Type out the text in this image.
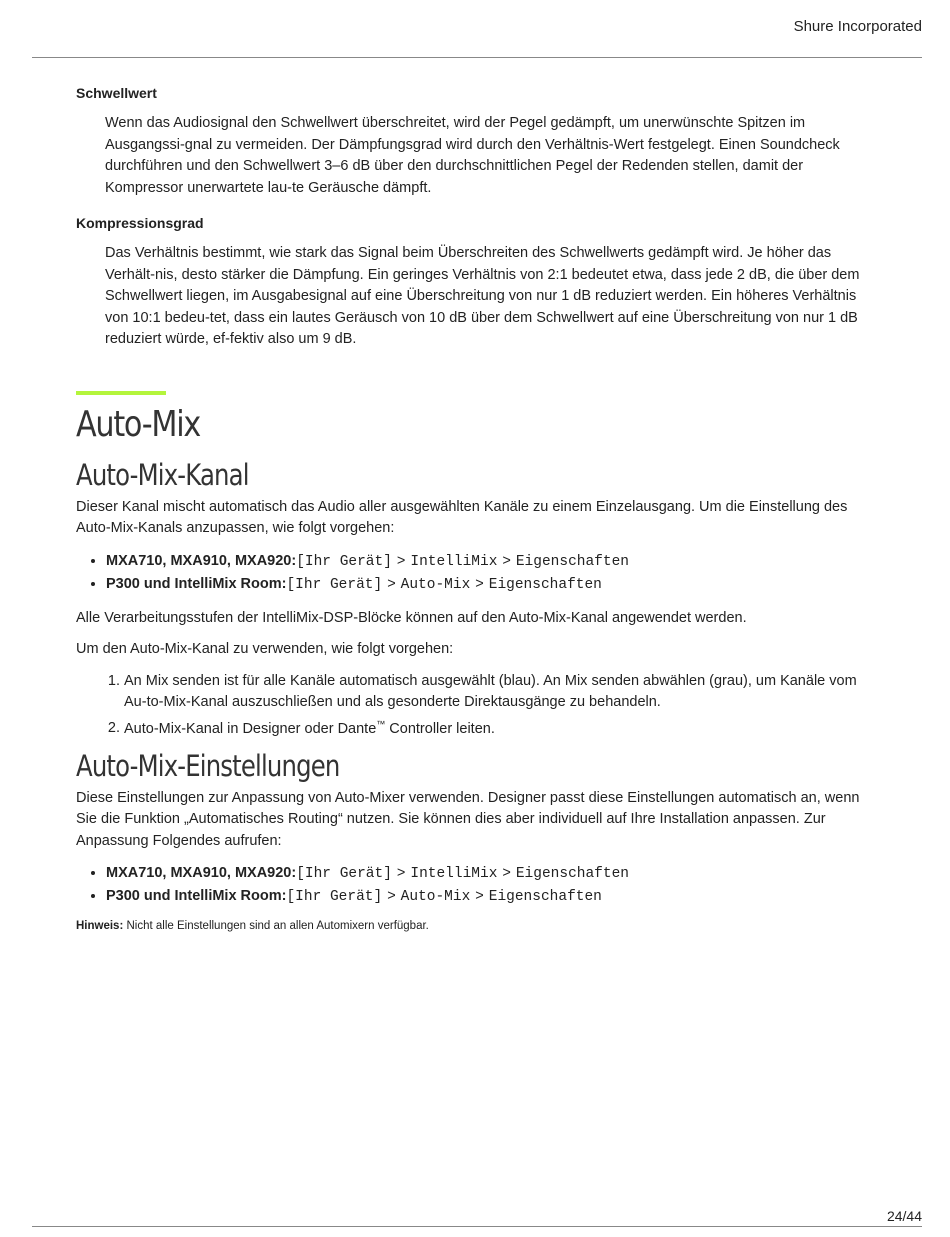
Shure Incorporated
Schwellwert
Wenn das Audiosignal den Schwellwert überschreitet, wird der Pegel gedämpft, um unerwünschte Spitzen im Ausgangssi-gnal zu vermeiden. Der Dämpfungsgrad wird durch den Verhältnis-Wert festgelegt. Einen Soundcheck durchführen und den Schwellwert 3–6 dB über den durchschnittlichen Pegel der Redenden stellen, damit der Kompressor unerwartete lau-te Geräusche dämpft.
Kompressionsgrad
Das Verhältnis bestimmt, wie stark das Signal beim Überschreiten des Schwellwerts gedämpft wird. Je höher das Verhält-nis, desto stärker die Dämpfung. Ein geringes Verhältnis von 2:1 bedeutet etwa, dass jede 2 dB, die über dem Schwellwert liegen, im Ausgabesignal auf eine Überschreitung von nur 1 dB reduziert werden. Ein höheres Verhältnis von 10:1 bedeu-tet, dass ein lautes Geräusch von 10 dB über dem Schwellwert auf eine Überschreitung von nur 1 dB reduziert würde, ef-fektiv also um 9 dB.
Auto-Mix
Auto-Mix-Kanal
Dieser Kanal mischt automatisch das Audio aller ausgewählten Kanäle zu einem Einzelausgang. Um die Einstellung des Auto-Mix-Kanals anzupassen, wie folgt vorgehen:
• MXA710, MXA910, MXA920:[Ihr Gerät] > IntelliMix > Eigenschaften
• P300 und IntelliMix Room:[Ihr Gerät] > Auto-Mix > Eigenschaften
Alle Verarbeitungsstufen der IntelliMix-DSP-Blöcke können auf den Auto-Mix-Kanal angewendet werden.
Um den Auto-Mix-Kanal zu verwenden, wie folgt vorgehen:
1. An Mix senden ist für alle Kanäle automatisch ausgewählt (blau). An Mix senden abwählen (grau), um Kanäle vom Au-to-Mix-Kanal auszuschließen und als gesonderte Direktausgänge zu behandeln.
2. Auto-Mix-Kanal in Designer oder Dante™ Controller leiten.
Auto-Mix-Einstellungen
Diese Einstellungen zur Anpassung von Auto-Mixer verwenden. Designer passt diese Einstellungen automatisch an, wenn Sie die Funktion „Automatisches Routing“ nutzen. Sie können dies aber individuell auf Ihre Installation anpassen. Zur Anpassung Folgendes aufrufen:
• MXA710, MXA910, MXA920:[Ihr Gerät] > IntelliMix > Eigenschaften
• P300 und IntelliMix Room:[Ihr Gerät] > Auto-Mix > Eigenschaften
Hinweis: Nicht alle Einstellungen sind an allen Automixern verfügbar.
24/44
